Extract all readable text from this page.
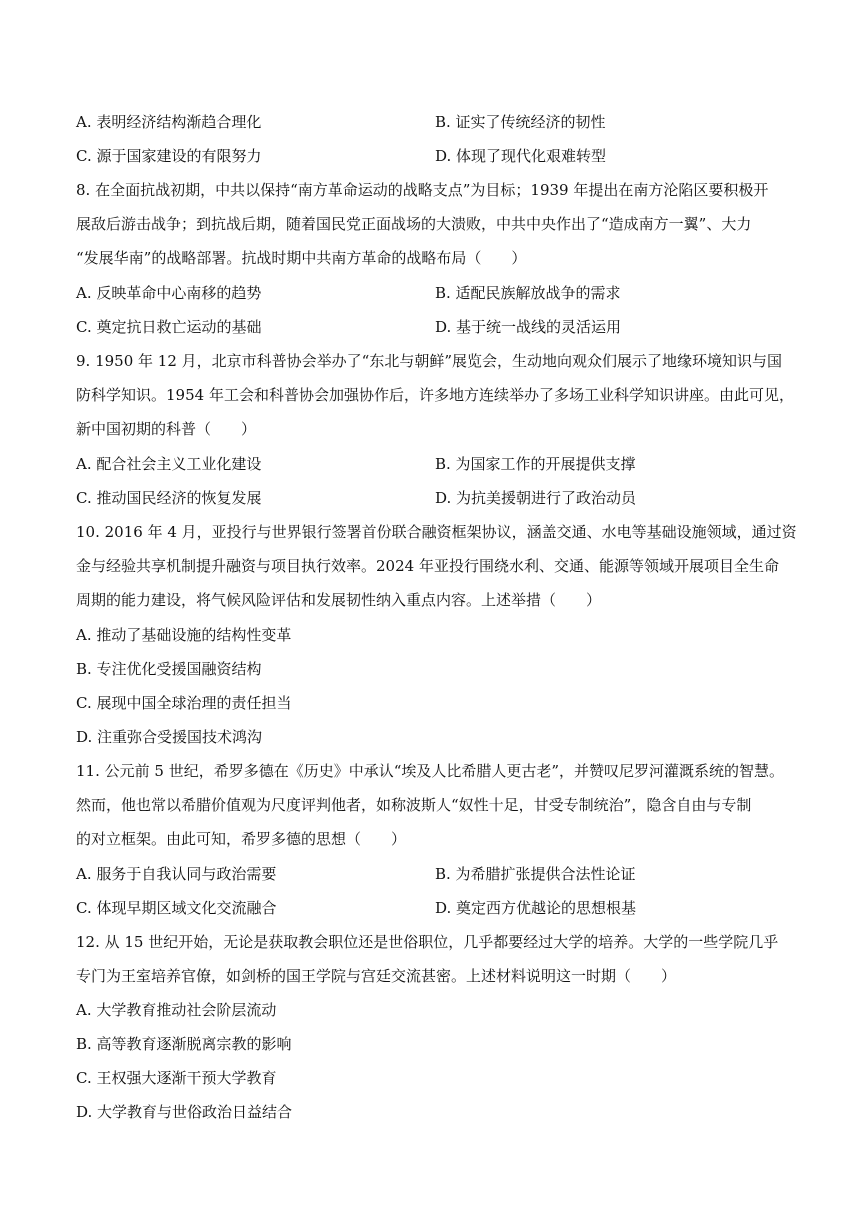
A. 表明经济结构渐趋合理化	B. 证实了传统经济的韧性
C. 源于国家建设的有限努力	D. 体现了现代化艰难转型
8. 在全面抗战初期，中共以保持“南方革命运动的战略支点”为目标；1939 年提出在南方沦陷区要积极开
展敌后游击战争；到抗战后期，随着国民党正面战场的大溃败，中共中央作出了“造成南方一翼”、大力
“发展华南”的战略部署。抗战时期中共南方革命的战略布局（　　）
A. 反映革命中心南移的趋势	B. 适配民族解放战争的需求
C. 奠定抗日救亡运动的基础	D. 基于统一战线的灵活运用
9. 1950 年 12 月，北京市科普协会举办了“东北与朝鲜”展览会，生动地向观众们展示了地缘环境知识与国
防科学知识。1954 年工会和科普协会加强协作后，许多地方连续举办了多场工业科学知识讲座。由此可见，
新中国初期的科普（　　）
A. 配合社会主义工业化建设	B. 为国家工作的开展提供支撑
C. 推动国民经济的恢复发展	D. 为抗美援朝进行了政治动员
10. 2016 年 4 月，亚投行与世界银行签署首份联合融资框架协议，涵盖交通、水电等基础设施领域，通过资
金与经验共享机制提升融资与项目执行效率。2024 年亚投行围绕水利、交通、能源等领域开展项目全生命
周期的能力建设，将气候风险评估和发展韧性纳入重点内容。上述举措（　　）
A. 推动了基础设施的结构性变革
B. 专注优化受援国融资结构
C. 展现中国全球治理的责任担当
D. 注重弥合受援国技术鸿沟
11. 公元前 5 世纪，希罗多德在《历史》中承认“埃及人比希腊人更古老”，并赞叹尼罗河灌溉系统的智慧。
然而，他也常以希腊价值观为尺度评判他者，如称波斯人“奴性十足，甘受专制统治”，隐含自由与专制
的对立框架。由此可知，希罗多德的思想（　　）
A. 服务于自我认同与政治需要	B. 为希腊扩张提供合法性论证
C. 体现早期区域文化交流融合	D. 奠定西方优越论的思想根基
12. 从 15 世纪开始，无论是获取教会职位还是世俗职位，几乎都要经过大学的培养。大学的一些学院几乎
专门为王室培养官僚，如剑桥的国王学院与宫廷交流甚密。上述材料说明这一时期（　　）
A. 大学教育推动社会阶层流动
B. 高等教育逐渐脱离宗教的影响
C. 王权强大逐渐干预大学教育
D. 大学教育与世俗政治日益结合
